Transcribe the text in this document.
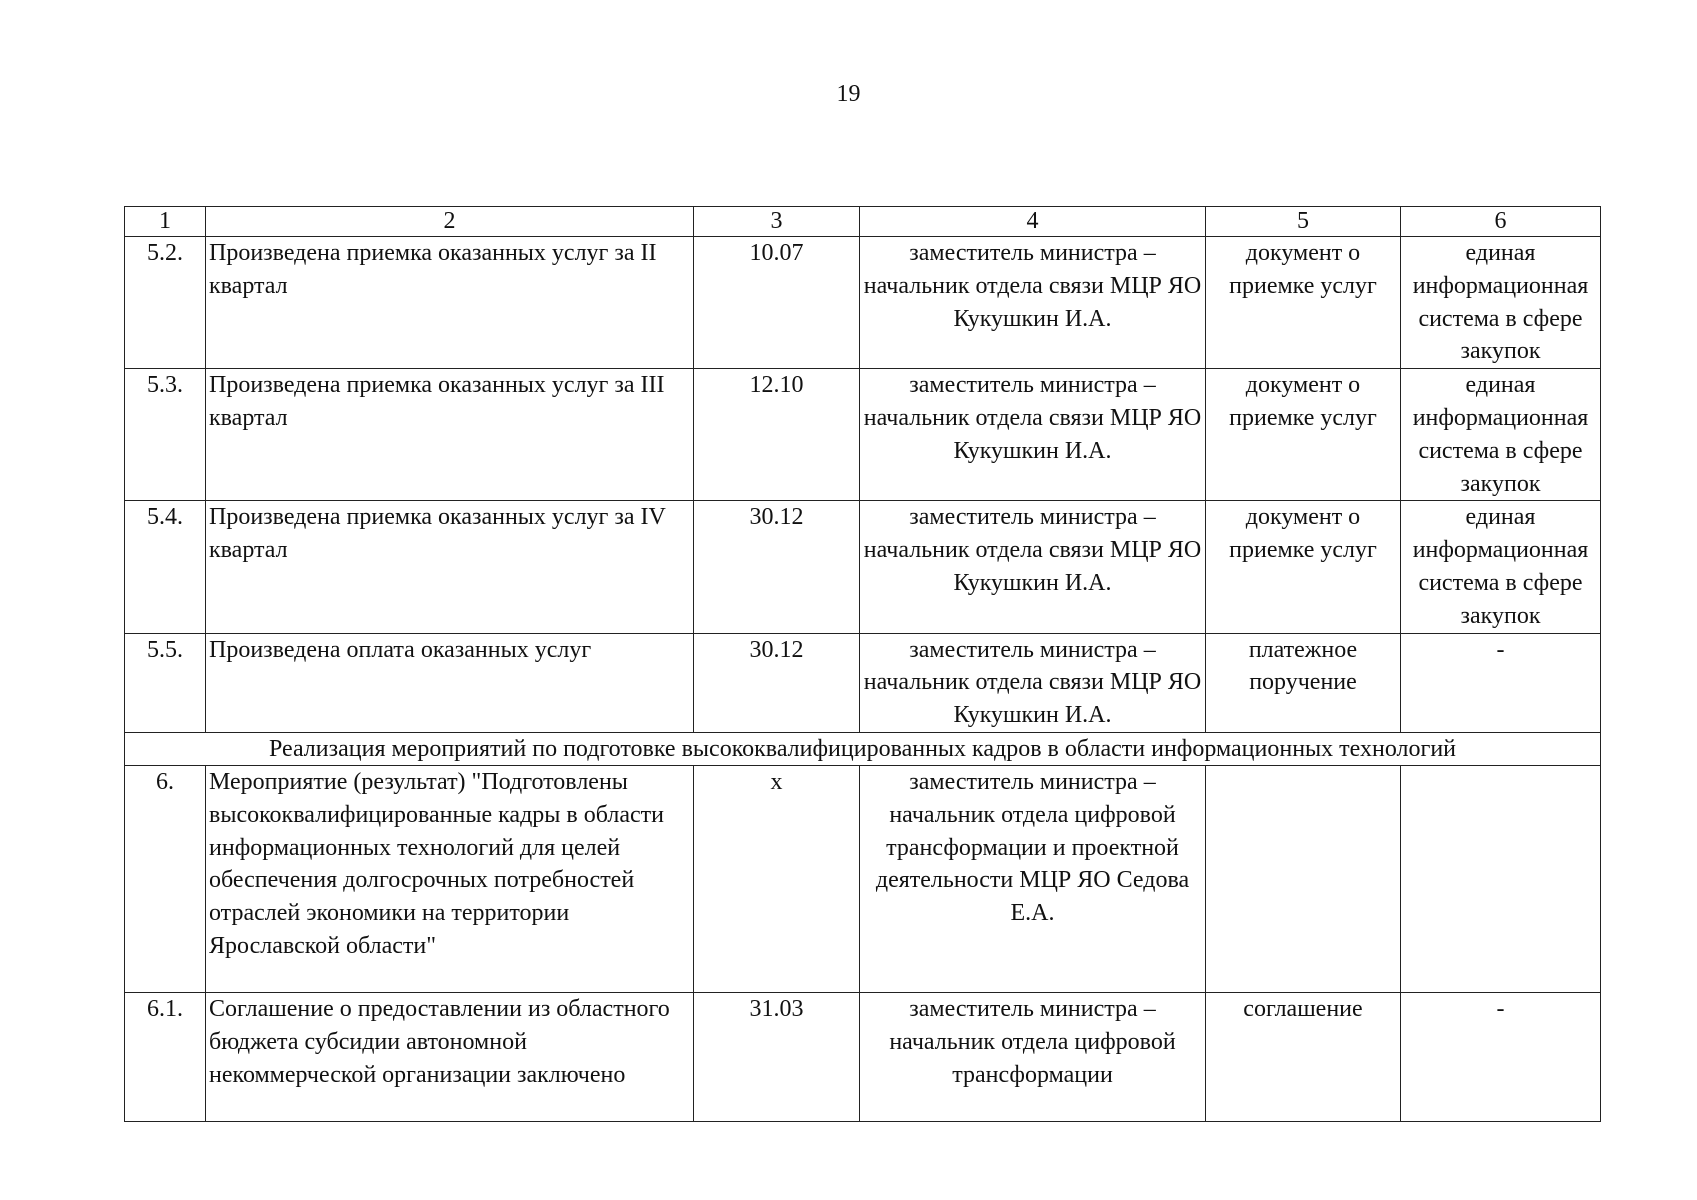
19
1	2	3	4	5	6
5.2.	Произведена приемка оказанных услуг за II квартал	10.07	заместитель министра – начальник отдела связи МЦР ЯО Кукушкин И.А.	документ о приемке услуг	единая информационная система в сфере закупок
5.3.	Произведена приемка оказанных услуг за III квартал	12.10	заместитель министра – начальник отдела связи МЦР ЯО Кукушкин И.А.	документ о приемке услуг	единая информационная система в сфере закупок
5.4.	Произведена приемка оказанных услуг за IV квартал	30.12	заместитель министра – начальник отдела связи МЦР ЯО Кукушкин И.А.	документ о приемке услуг	единая информационная система в сфере закупок
5.5.	Произведена оплата оказанных услуг	30.12	заместитель министра – начальник отдела связи МЦР ЯО Кукушкин И.А.	платежное поручение	-
Реализация мероприятий по подготовке высококвалифицированных кадров в области информационных технологий					
6.	Мероприятие (результат) "Подготовлены высококвалифицированные кадры в области информационных технологий для целей обеспечения долгосрочных потребностей отраслей экономики на территории Ярославской области"	x	заместитель министра – начальник отдела цифровой трансформации и проектной деятельности МЦР ЯО Седова Е.А.		
6.1.	Соглашение о предоставлении из областного бюджета субсидии автономной некоммерческой организации заключено	31.03	заместитель министра – начальник отдела цифровой трансформации	соглашение	-
